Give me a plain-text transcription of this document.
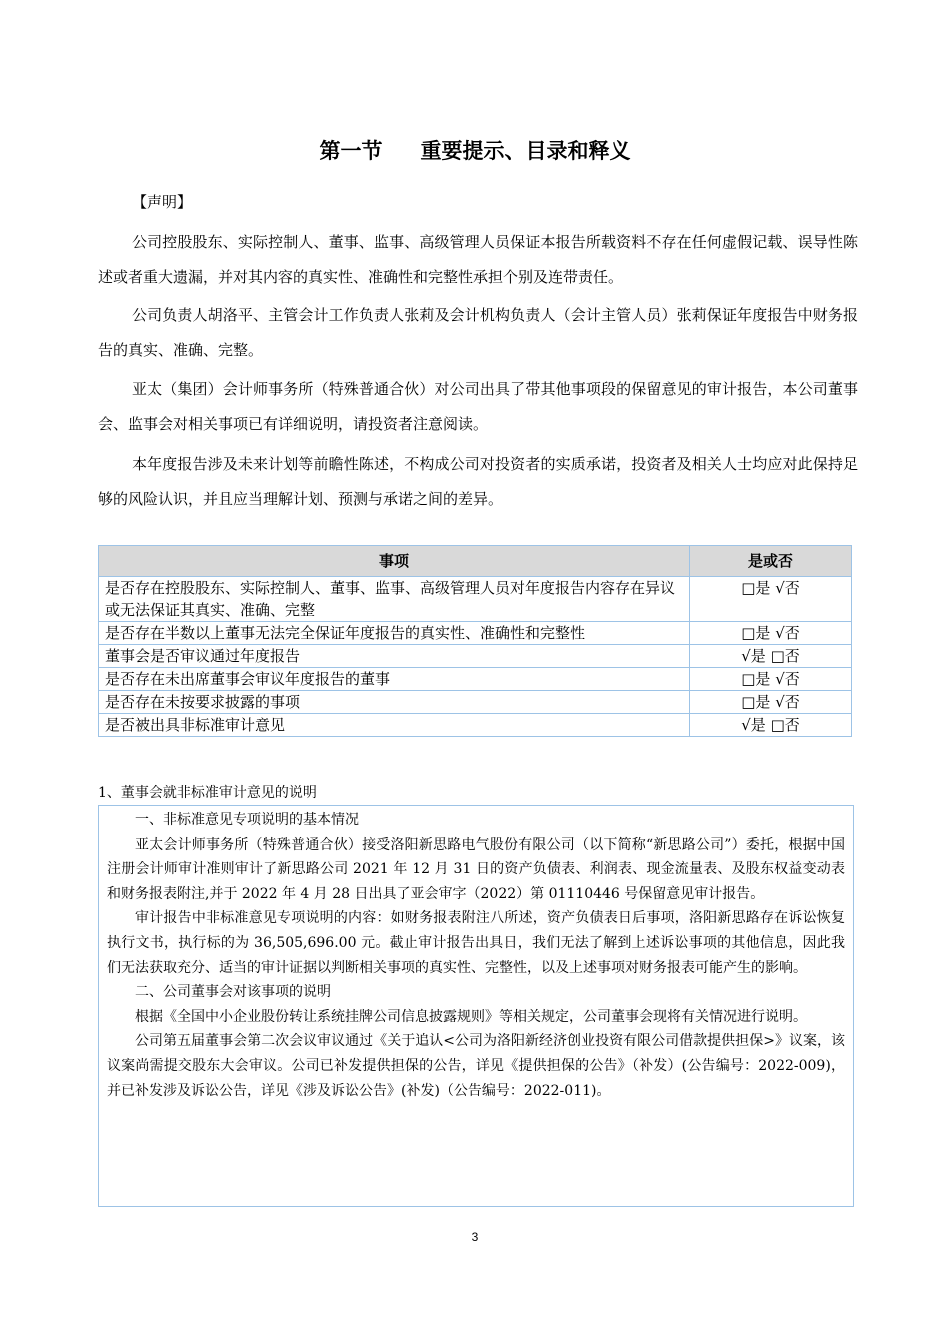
第一节 重要提示、目录和释义
【声明】
公司控股股东、实际控制人、董事、监事、高级管理人员保证本报告所载资料不存在任何虚假记载、误导性陈述或者重大遗漏，并对其内容的真实性、准确性和完整性承担个别及连带责任。
公司负责人胡洛平、主管会计工作负责人张莉及会计机构负责人（会计主管人员）张莉保证年度报告中财务报告的真实、准确、完整。
亚太（集团）会计师事务所（特殊普通合伙）对公司出具了带其他事项段的保留意见的审计报告，本公司董事会、监事会对相关事项已有详细说明，请投资者注意阅读。
本年度报告涉及未来计划等前瞻性陈述，不构成公司对投资者的实质承诺，投资者及相关人士均应对此保持足够的风险认识，并且应当理解计划、预测与承诺之间的差异。
事项	是或否
是否存在控股股东、实际控制人、董事、监事、高级管理人员对年度报告内容存在异议或无法保证其真实、准确、完整	□是 √否
是否存在半数以上董事无法完全保证年度报告的真实性、准确性和完整性	□是 √否
董事会是否审议通过年度报告	√是 □否
是否存在未出席董事会审议年度报告的董事	□是 √否
是否存在未按要求披露的事项	□是 √否
是否被出具非标准审计意见	√是 □否
1、董事会就非标准审计意见的说明

一、非标准意见专项说明的基本情况

亚太会计师事务所（特殊普通合伙）接受洛阳新思路电气股份有限公司（以下简称“新思路公司”）委托，根据中国注册会计师审计准则审计了新思路公司 2021 年 12 月 31 日的资产负债表、利润表、现金流量表、及股东权益变动表和财务报表附注,并于 2022 年 4 月 28 日出具了亚会审字（2022）第 01110446 号保留意见审计报告。

审计报告中非标准意见专项说明的内容：如财务报表附注八所述，资产负债表日后事项，洛阳新思路存在诉讼恢复执行文书，执行标的为 36,505,696.00 元。截止审计报告出具日，我们无法了解到上述诉讼事项的其他信息，因此我们无法获取充分、适当的审计证据以判断相关事项的真实性、完整性，以及上述事项对财务报表可能产生的影响。

二、公司董事会对该事项的说明

根据《全国中小企业股份转让系统挂牌公司信息披露规则》等相关规定，公司董事会现将有关情况进行说明。

公司第五届董事会第二次会议审议通过《关于追认<公司为洛阳新经济创业投资有限公司借款提供担保>》议案，该议案尚需提交股东大会审议。公司已补发提供担保的公告，详见《提供担保的公告》（补发）(公告编号：2022-009)，并已补发涉及诉讼公告，详见《涉及诉讼公告》(补发)（公告编号：2022-011)。

3
